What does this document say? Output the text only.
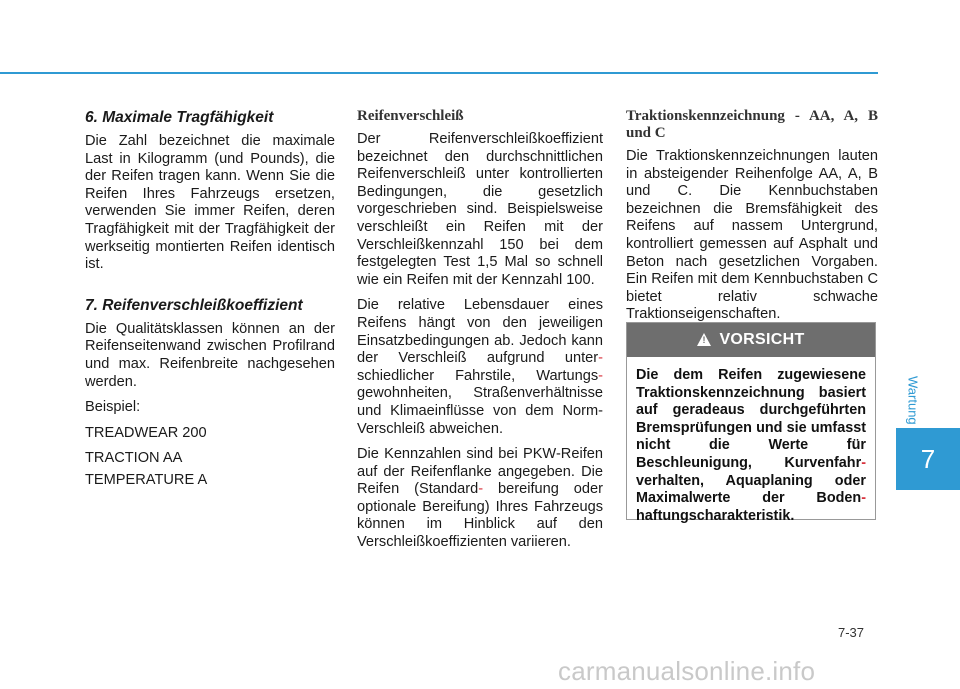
6. Maximale Tragfähigkeit

Die Zahl bezeichnet die maximale Last in Kilogramm (und Pounds), die der Reifen tragen kann. Wenn Sie die Reifen Ihres Fahrzeugs ersetzen, verwenden Sie immer Reifen, deren Tragfähigkeit mit der Tragfähigkeit der werkseitig montierten Reifen identisch ist.

7. Reifenverschleißkoeffizient

Die Qualitätsklassen können an der Reifenseitenwand zwischen Profilrand und max. Reifenbreite nachgesehen werden.

Beispiel:

TREADWEAR 200

TRACTION AA

TEMPERATURE A

Reifenverschleiß

Der Reifenverschleißkoeffizient bezeichnet den durchschnittlichen Reifenverschleiß unter kontrollierten Bedingungen, die gesetzlich vorgeschrieben sind. Beispielsweise verschleißt ein Reifen mit der Verschleißkennzahl 150 bei dem festgelegten Test 1,5 Mal so schnell wie ein Reifen mit der Kennzahl 100.

Die relative Lebensdauer eines Reifens hängt von den jeweiligen Einsatzbedingungen ab. Jedoch kann der Verschleiß aufgrund unter- schiedlicher Fahrstile, Wartungs- gewohnheiten, Straßenverhältnisse und Klimaeinflüsse von dem Norm-Verschleiß abweichen.

Die Kennzahlen sind bei PKW-Reifen auf der Reifenflanke angegeben. Die Reifen (Standard- bereifung oder optionale Bereifung) Ihres Fahrzeugs können im Hinblick auf den Verschleißkoeffizienten variieren.

Traktionskennzeichnung - AA, A, B und C

Die Traktionskennzeichnungen lauten in absteigender Reihenfolge AA, A, B und C. Die Kennbuchstaben bezeichnen die Bremsfähigkeit des Reifens auf nassem Untergrund, kontrolliert gemessen auf Asphalt und Beton nach gesetzlichen Vorgaben. Ein Reifen mit dem Kennbuchstaben C bietet relativ schwache Traktionseigenschaften.

! VORSICHT
Die dem Reifen zugewiesene Traktionskennzeichnung basiert auf geradeaus durchgeführten Bremsprüfungen und sie umfasst nicht die Werte für Beschleunigung, Kurvenfahr- verhalten, Aquaplaning oder Maximalwerte der Boden- haftungscharakteristik.
Wartung
7
7-37
carmanualsonline.info
